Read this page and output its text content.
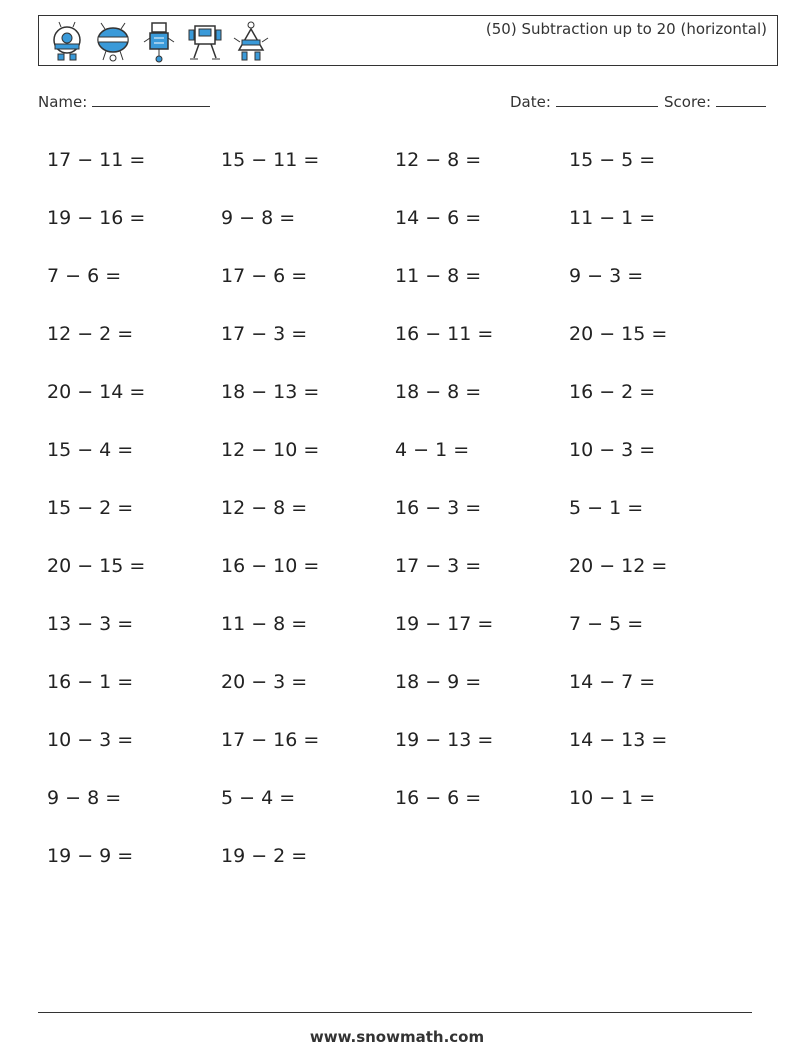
(50) Subtraction up to 20 (horizontal)
Name:	Date:	Score:
17 − 11 =	15 − 11 =	12 − 8 =	15 − 5 =
19 − 16 =	9 − 8 =	14 − 6 =	11 − 1 =
7 − 6 =	17 − 6 =	11 − 8 =	9 − 3 =
12 − 2 =	17 − 3 =	16 − 11 =	20 − 15 =
20 − 14 =	18 − 13 =	18 − 8 =	16 − 2 =
15 − 4 =	12 − 10 =	4 − 1 =	10 − 3 =
15 − 2 =	12 − 8 =	16 − 3 =	5 − 1 =
20 − 15 =	16 − 10 =	17 − 3 =	20 − 12 =
13 − 3 =	11 − 8 =	19 − 17 =	7 − 5 =
16 − 1 =	20 − 3 =	18 − 9 =	14 − 7 =
10 − 3 =	17 − 16 =	19 − 13 =	14 − 13 =
9 − 8 =	5 − 4 =	16 − 6 =	10 − 1 =
19 − 9 =	19 − 2 =
www.snowmath.com
